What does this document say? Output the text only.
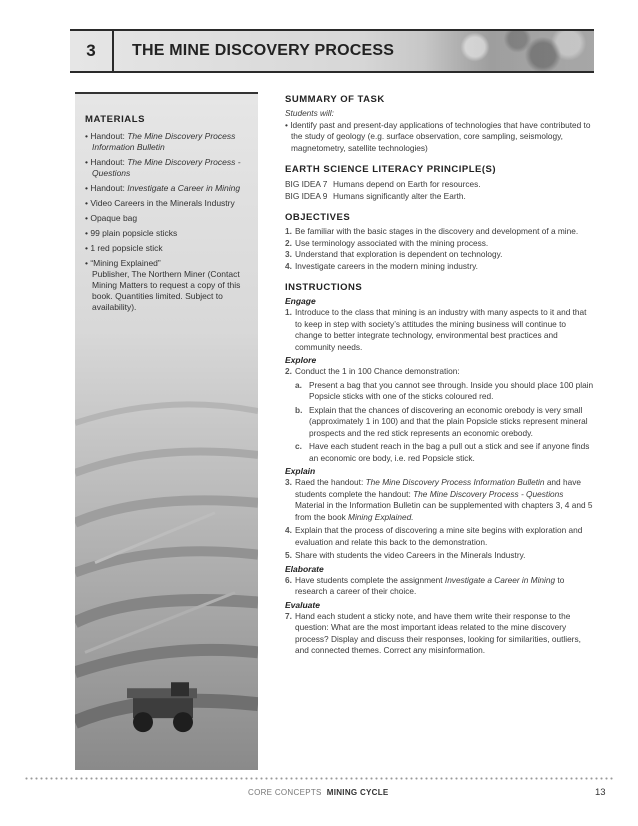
3	THE MINE DISCOVERY PROCESS
MATERIALS
• Handout: The Mine Discovery Process Information Bulletin
• Handout: The Mine Discovery Process - Questions
• Handout: Investigate a Career in Mining
• Video Careers in the Minerals Industry
• Opaque bag
• 99 plain popsicle sticks
• 1 red popsicle stick
• “Mining Explained”

Publisher, The Northern Miner (Contact Mining Matters to request a copy of this book. Quantities limited. Subject to availability).

SUMMARY OF TASK

Students will:

• Identify past and present-day applications of technologies that have contributed to the study of geology (e.g. surface observation, core sampling, seismology, magnetometry, satellite technologies)

EARTH SCIENCE LITERACY PRINCIPLE(S)
BIG IDEA 7 Humans depend on Earth for resources.
BIG IDEA 9 Humans significantly alter the Earth.
OBJECTIVES
1. Be familiar with the basic stages in the discovery and development of a mine.
2. Use terminology associated with the mining process.
3. Understand that exploration is dependent on technology.
4. Investigate careers in the modern mining industry.
INSTRUCTIONS
Engage

1. Introduce to the class that mining is an industry with many aspects to it and that to keep in step with society’s attitudes the mining business will continue to change to better integrate technology, environmental best practices and community needs.

Explore

2. Conduct the 1 in 100 Chance demonstration:

a. Present a bag that you cannot see through. Inside you should place 100 plain Popsicle sticks with one of the sticks coloured red.
b. Explain that the chances of discovering an economic orebody is very small (approximately 1 in 100) and that the plain Popsicle sticks represent mineral prospects and the red stick represents an economic orebody.
c. Have each student reach in the bag a pull out a stick and see if anyone finds an economic ore body, i.e. red Popsicle stick.
Explain

3. Raed the handout: The Mine Discovery Process Information Bulletin and have students complete the handout: The Mine Discovery Process - Questions Material in the Information Bulletin can be supplemented with chapters 3, 4 and 5 from the book Mining Explained.

4. Explain that the process of discovering a mine site begins with exploration and evaluation and relate this back to the demonstration.

5. Share with students the video Careers in the Minerals Industry.

Elaborate

6. Have students complete the assignment Investigate a Career in Mining to research a career of their choice.

Evaluate

7. Hand each student a sticky note, and have them write their response to the question: What are the most important ideas related to the mine discovery process? Display and discuss their responses, looking for similarities, outliers, and connected themes. Correct any misinformation.

CORE CONCEPTS MINING CYCLE	13
